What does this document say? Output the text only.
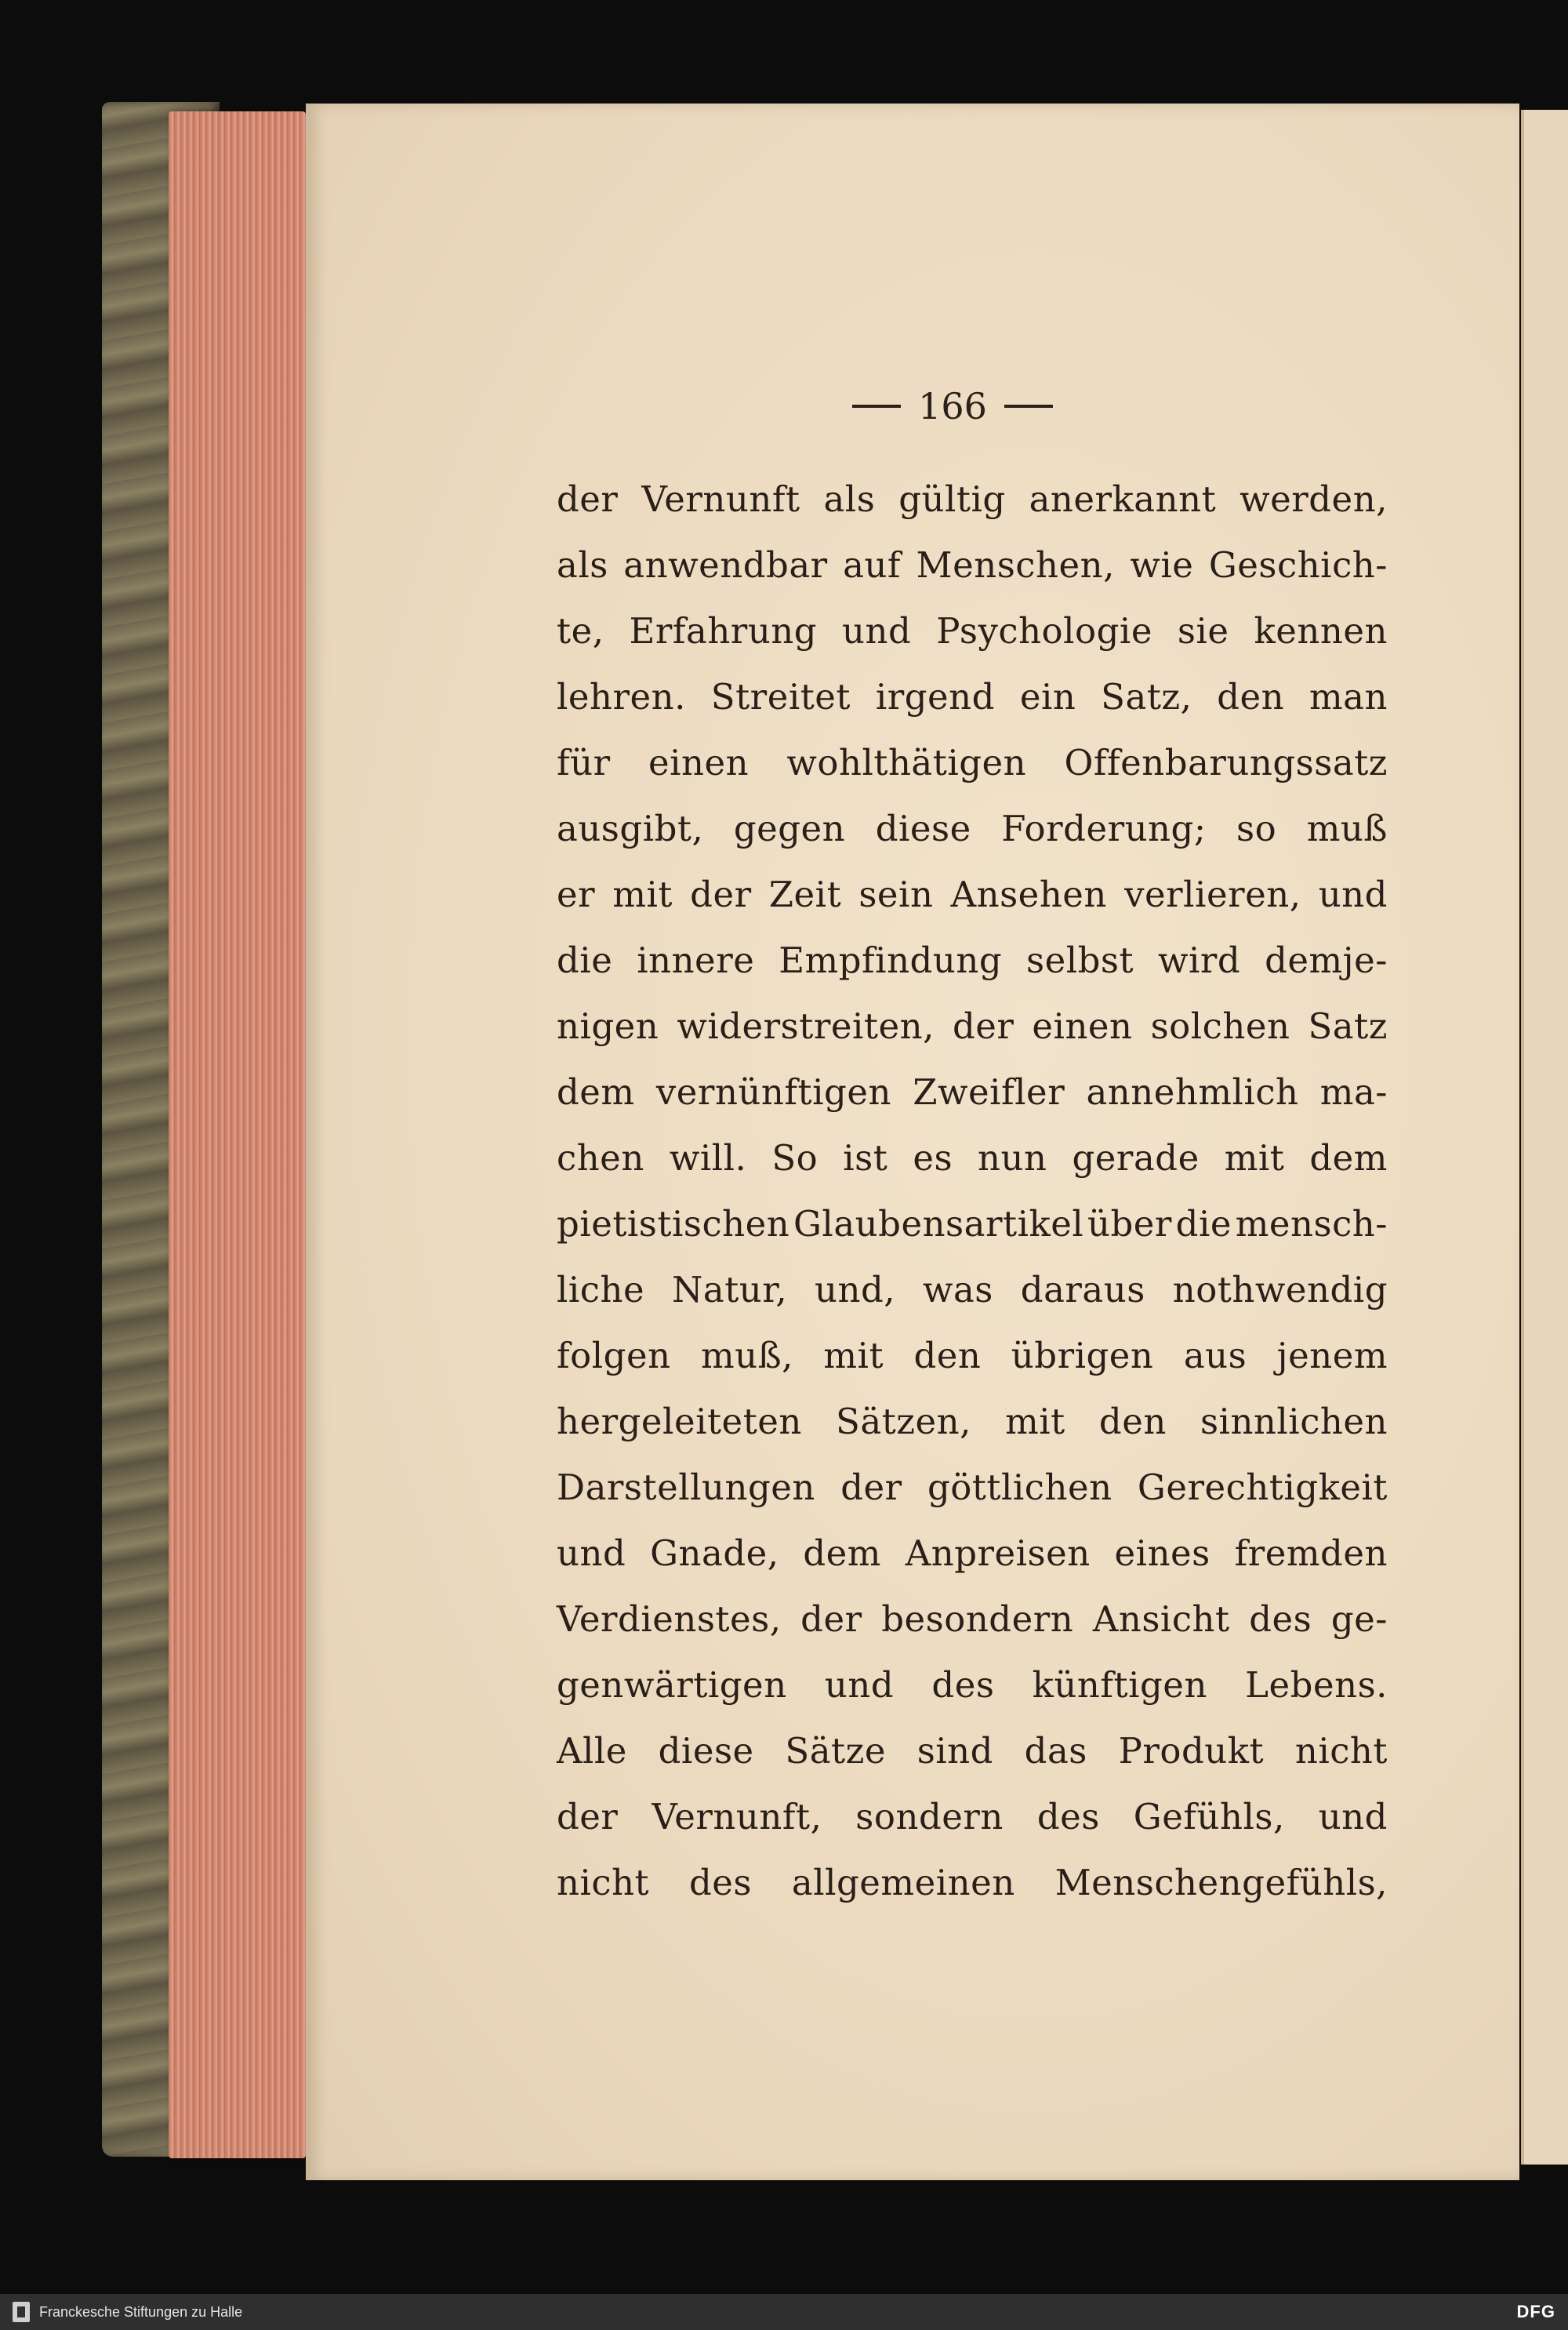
166
der Vernunft als gültig anerkannt werden,
als anwendbar auf Menschen, wie Geschich-
te, Erfahrung und Psychologie sie kennen
lehren. Streitet irgend ein Satz, den man
für einen wohlthätigen Offenbarungssatz
ausgibt, gegen diese Forderung; so muß
er mit der Zeit sein Ansehen verlieren, und
die innere Empfindung selbst wird demje-
nigen widerstreiten, der einen solchen Satz
dem vernünftigen Zweifler annehmlich ma-
chen will. So ist es nun gerade mit dem
pietistischen Glaubensartikel über die mensch-
liche Natur, und, was daraus nothwendig
folgen muß, mit den übrigen aus jenem
hergeleiteten Sätzen, mit den sinnlichen
Darstellungen der göttlichen Gerechtigkeit
und Gnade, dem Anpreisen eines fremden
Verdienstes, der besondern Ansicht des ge-
genwärtigen und des künftigen Lebens.
Alle diese Sätze sind das Produkt nicht
der Vernunft, sondern des Gefühls, und
nicht des allgemeinen Menschengefühls,
Franckesche Stiftungen zu Halle	DFG
